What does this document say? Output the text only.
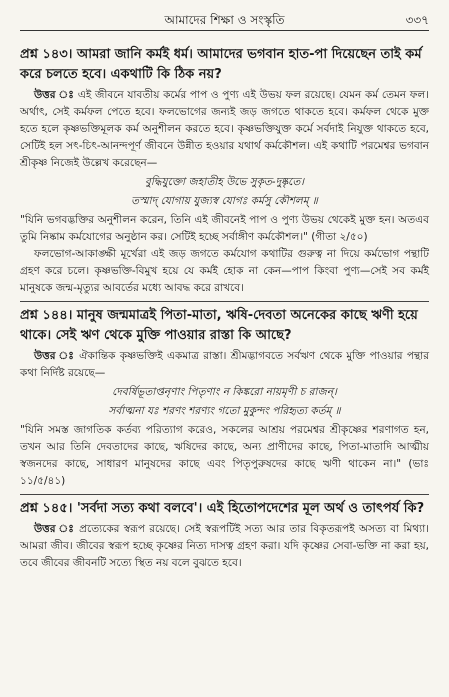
আমাদের শিক্ষা ও সংস্কৃতি	৩৩৭
প্রশ্ন ১৪৩। আমরা জানি কর্মই ধর্ম। আমাদের ভগবান হাত-পা দিয়েছেন তাই কর্ম করে চলতে হবে। একথাটি কি ঠিক নয়?

উত্তর ঃ এই জীবনে যাবতীয় কর্মের পাপ ও পুণ্য এই উভয় ফল রয়েছে। যেমন কর্ম তেমন ফল। অর্থাৎ, সেই কর্মফল পেতে হবে। ফলভোগের জন্যই জড় জগতে থাকতে হবে। কর্মফল থেকে মুক্ত হতে হলে কৃষ্ণভক্তিমূলক কর্ম অনুশীলন করতে হবে। কৃষ্ণভক্তিযুক্ত কর্মে সর্বদাই নিযুক্ত থাকতে হবে, সেটিই হল সৎ-চিৎ-আনন্দপূর্ণ জীবনে উন্নীত হওয়ার যথার্থ কর্মকৌশল। এই কথাটি পরমেশ্বর ভগবান শ্রীকৃষ্ণ নিজেই উল্লেখ করেছেন—

বুদ্ধিযুক্তো জহাতীহ উভে সুকৃত-দুষ্কৃতে।
তস্মাদ্ যোগায় যুজ্যস্ব যোগঃ কর্মসু কৌশলম্ ॥

"যিনি ভগবদ্ভক্তির অনুশীলন করেন, তিনি এই জীবনেই পাপ ও পুণ্য উভয় থেকেই মুক্ত হন। অতএব তুমি নিষ্কাম কর্মযোগের অনুষ্ঠান কর। সেটিই হচ্ছে সর্বাঙ্গীণ কর্মকৌশল।" (গীতা ২/৫০)

ফলভোগ-আকাঙ্ক্ষী মূর্খেরা এই জড় জগতে কর্মযোগ কথাটির গুরুত্ব না দিয়ে কর্মভোগ পন্থাটি গ্রহণ করে চলে। কৃষ্ণভক্তি-বিমুখ হয়ে যে কর্মই হোক না কেন—পাপ কিংবা পুণ্য—সেই সব কর্মই মানুষকে জন্ম-মৃত্যুর আবর্তের মধ্যে আবদ্ধ করে রাখবে।

প্রশ্ন ১৪৪। মানুষ জন্মমাত্রই পিতা-মাতা, ঋষি-দেবতা অনেকের কাছে ঋণী হয়ে থাকে। সেই ঋণ থেকে মুক্তি পাওয়ার রাস্তা কি আছে?

উত্তর ঃ ঐকান্তিক কৃষ্ণভক্তিই একমাত্র রাস্তা। শ্রীমদ্ভাগবতে সর্বঋণ থেকে মুক্তি পাওয়ার পন্থার কথা নির্দিষ্ট রয়েছে—

দেবর্ষিভূতাপ্তনৃণাং পিতৃণাং ন কিঙ্করো নায়মৃণী চ রাজন্।
সর্বাত্মনা যঃ শরণং শরণ্যং গতো মুকুন্দং পরিহৃত্য কর্তম্ ॥

"যিনি সমস্ত জাগতিক কর্তব্য পরিত্যাগ করেও, সকলের আশ্রয় পরমেশ্বর শ্রীকৃষ্ণের শরণাগত হন, তখন আর তিনি দেবতাদের কাছে, ঋষিদের কাছে, অন্য প্রাণীদের কাছে, পিতা-মাতাদি আত্মীয় স্বজনদের কাছে, সাধারণ মানুষদের কাছে এবং পিতৃপুরুষদের কাছে ঋণী থাকেন না।" (ভাঃ ১১/৫/৪১)

প্রশ্ন ১৪৫। 'সর্বদা সত্য কথা বলবে'। এই হিতোপদেশের মূল অর্থ ও তাৎপর্য কি?

উত্তর ঃ প্রত্যেকের স্বরূপ রয়েছে। সেই স্বরূপটিই সত্য আর তার বিকৃতরূপই অসত্য বা মিথ্যা। আমরা জীব। জীবের স্বরূপ হচ্ছে কৃষ্ণের নিত্য দাসত্ব গ্রহণ করা। যদি কৃষ্ণের সেবা-ভক্তি না করা হয়, তবে জীবের জীবনটি সত্যে স্থিত নয় বলে বুঝতে হবে।
